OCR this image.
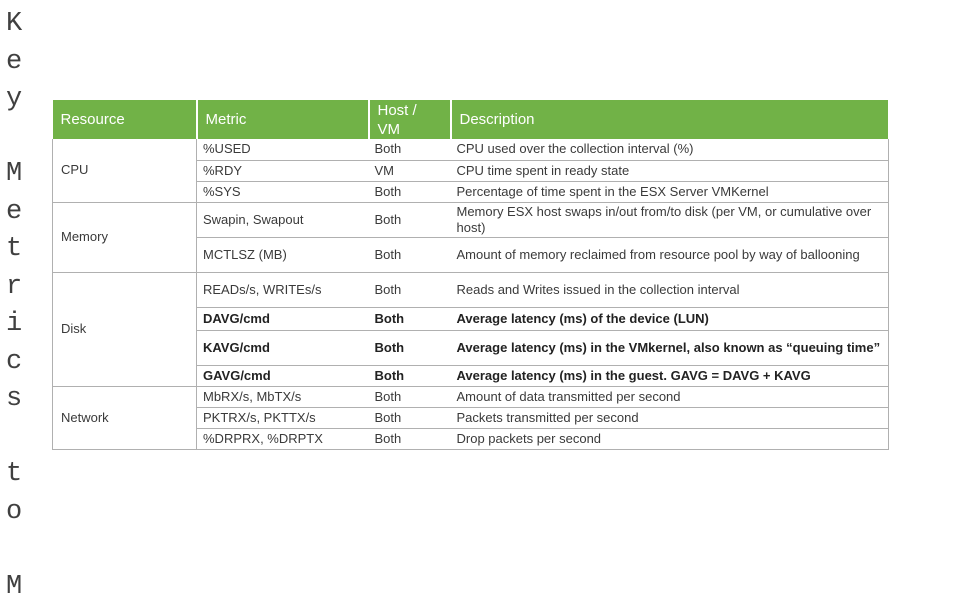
K
e
y
M
e
t
r
i
c
s
t
o
M
Resource	Metric	Host / VM	Description
CPU	%USED	Both	CPU used over the collection interval (%)
	%RDY	VM	CPU time spent in ready state
	%SYS	Both	Percentage of time spent in the ESX Server VMKernel
Memory	Swapin, Swapout	Both	Memory ESX host swaps in/out from/to disk (per VM, or cumulative over host)
	MCTLSZ (MB)	Both	Amount of memory reclaimed from resource pool by way of ballooning
Disk	READs/s, WRITEs/s	Both	Reads and Writes issued in the collection interval
	DAVG/cmd	Both	Average latency (ms) of the device (LUN)
	KAVG/cmd	Both	Average latency (ms) in the VMkernel, also known as “queuing time”
	GAVG/cmd	Both	Average latency (ms) in the guest. GAVG = DAVG + KAVG
Network	MbRX/s, MbTX/s	Both	Amount of data transmitted per second
	PKTRX/s, PKTTX/s	Both	Packets transmitted per second
	%DRPRX, %DRPTX	Both	Drop packets per second
